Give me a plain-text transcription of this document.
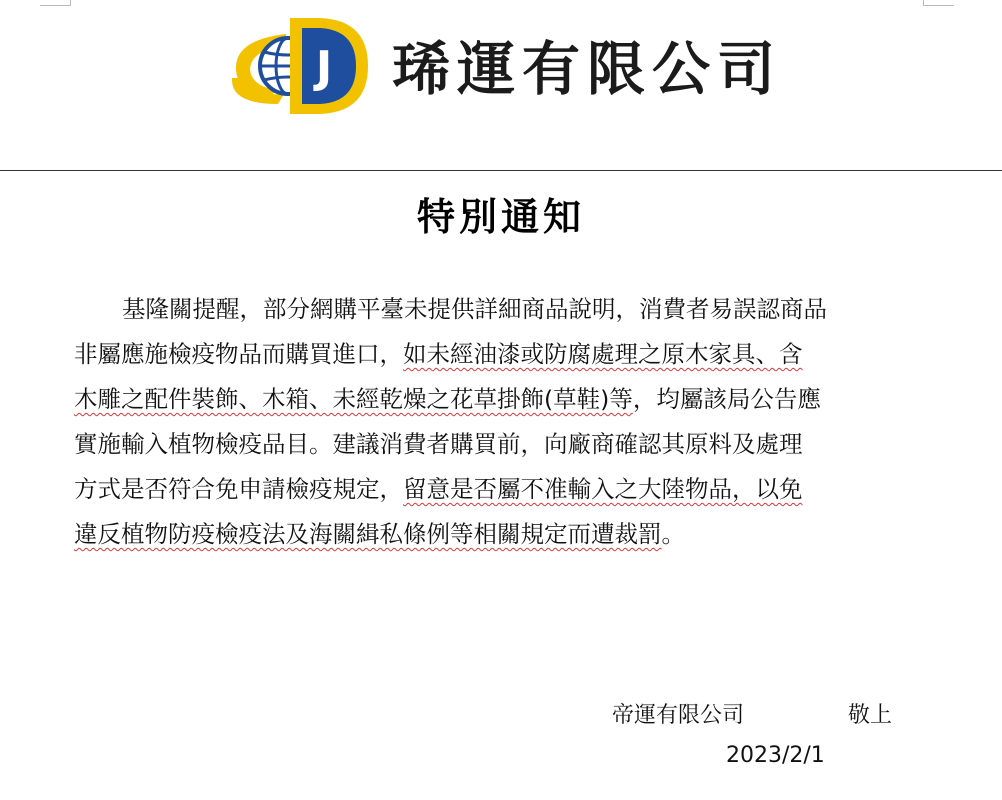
J 琋運有限公司
特別通知
基隆關提醒，部分網購平臺未提供詳細商品說明，消費者易誤認商品
非屬應施檢疫物品而購買進口，如未經油漆或防腐處理之原木家具、含
木雕之配件裝飾、木箱、未經乾燥之花草掛飾(草鞋)等，均屬該局公告應
實施輸入植物檢疫品目。建議消費者購買前，向廠商確認其原料及處理
方式是否符合免申請檢疫規定，留意是否屬不准輸入之大陸物品，以免
違反植物防疫檢疫法及海關緝私條例等相關規定而遭裁罰。
帝運有限公司	敬上
2023/2/1
